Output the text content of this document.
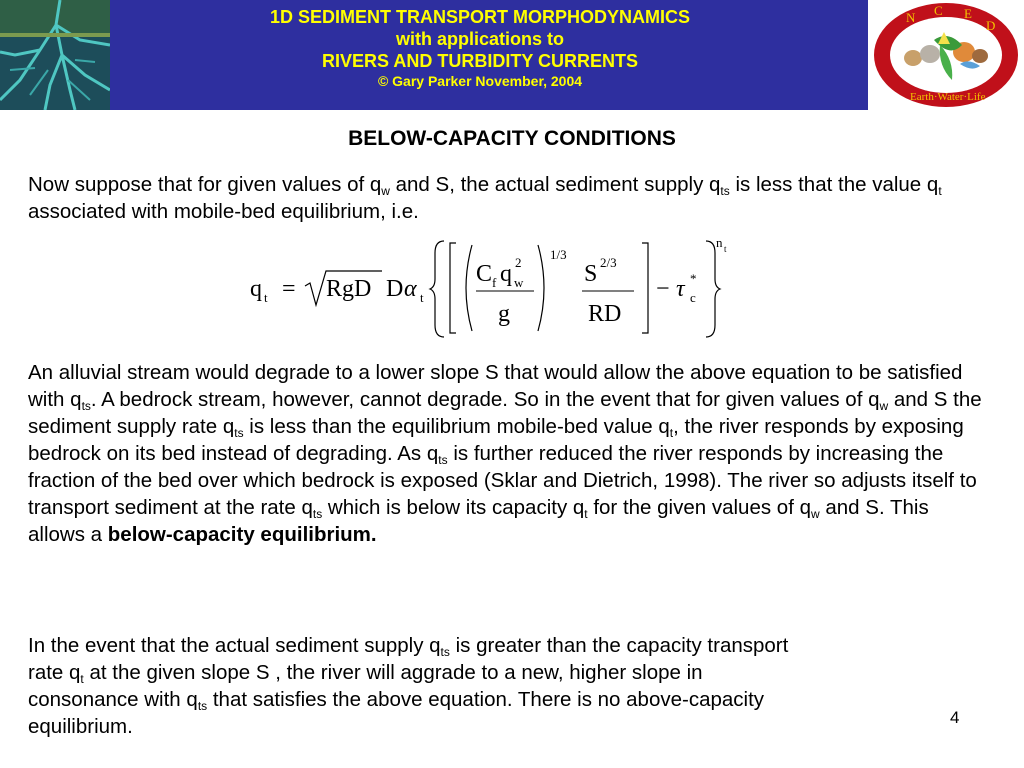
1D SEDIMENT TRANSPORT MORPHODYNAMICS
with applications to
RIVERS AND TURBIDITY CURRENTS
© Gary Parker November, 2004
N C E
D
Earth·Water·Life
BELOW-CAPACITY CONDITIONS
Now suppose that for given values of $q_w$ and S, the actual sediment supply $q_{ts}$ is less that the value $q_t$ associated with mobile-bed equilibrium, i.e.
q t = RgD D α t
C f q 2
w
g
1/3
S 2/3
RD
− τ *
c
n t
An alluvial stream would degrade to a lower slope S that would allow the above equation to be satisfied with $q_{ts}$. A bedrock stream, however, cannot degrade. So in the event that for given values of $q_w$ and S the sediment supply rate $q_{ts}$ is less than the equilibrium mobile-bed value $q_t$, the river responds by exposing bedrock on its bed instead of degrading. As $q_{ts}$ is further reduced the river responds by increasing the fraction of the bed over which bedrock is exposed (Sklar and Dietrich, 1998). The river so adjusts itself to transport sediment at the rate $q_{ts}$ which is below its capacity $q_t$ for the given values of $q_w$ and S. This allows a below-capacity equilibrium.
In the event that the actual sediment supply $q_{ts}$ is greater than the capacity transport rate $q_t$ at the given slope S , the river will aggrade to a new, higher slope in consonance with $q_{ts}$ that satisfies the above equation. There is no above-capacity equilibrium.	4
